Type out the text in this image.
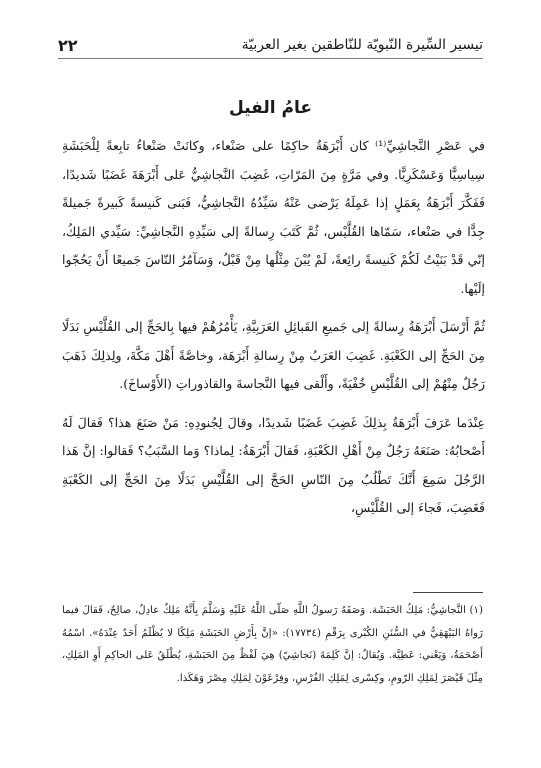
تيسير السِّيرة النّبويّة للنّاطقين بغير العربيّة
٢٢
عامُ الفيل

في عَصْرِ النَّجاشِيِّ⁽¹⁾ كان أَبْرَهَةُ حاكِمًا على صَنْعاء، وكانَتْ صَنْعاءُ تابِعةً لِلْحَبَشَةِ سِياسِيًّا وَعَسْكَرِيًّا. وفي مَرَّةٍ مِنَ المَرّاتِ، غَضِبَ النَّجاشِيُّ عَلى أَبْرَهَةَ غَضَبًا شَديدًا، فَفَكَّرَ أَبْرَهَةُ بِعَمَلٍ إذا عَمِلَهُ يَرْضى عَنْهُ سَيِّدُهُ النَّجاشِيُّ، فَبَنى كَنيسةً كَبيرةً جَميلةً جِدًّا في صَنْعاء، سَمّاها القُلَّيْس، ثُمَّ كَتَبَ رِسالةً إلى سَيِّدِهِ النَّجاشِيِّ: سَيِّدي المَلِكُ، إنّي قَدْ بَنَيْتُ لَكُمْ كَنيسةً رائِعةً، لَمْ يُبْنَ مِثْلُها مِنْ قَبْلُ، وَسَآمُرُ النّاسَ جَميعًا أَنْ يَحُجّوا إلَيْها.

ثُمَّ أَرْسَلَ أَبْرَهَةُ رِسالةً إلى جَميعِ القَبائِلِ العَرَبِيَّةِ، يَأْمُرُهُمْ فيها بِالحَجِّ إلى القُلَّيْسِ بَدَلًا مِنَ الحَجِّ إلى الكَعْبَةِ. غَضِبَ العَرَبُ مِنْ رِسالةِ أَبْرَهَة، وخاصَّةً أَهْلَ مَكَّةَ، ولِذلِكَ ذَهَبَ رَجُلٌ مِنْهُمْ إلى القُلَّيْسِ خُفْيَةً، وأَلْقى فيها النَّجاسةَ والقاذوراتِ (الأَوْساخَ).

عِنْدَما عَرَفَ أَبْرَهَةُ بِذلِكَ غَضِبَ غَضَبًا شَديدًا، وقالَ لِجُنودِهِ: مَنْ صَنَعَ هذا؟ فَقالَ لَهُ أَصْحابُهُ: صَنَعَهُ رَجُلٌ مِنْ أَهْلِ الكَعْبَةِ، فَقالَ أَبْرَهَةُ: لِماذا؟ وَما السَّبَبُ؟ فَقالوا: إنَّ هَذا الرَّجُلَ سَمِعَ أَنَّكَ تَطْلُبُ مِنَ النّاسِ الحَجَّ إلى القُلَّيْسِ بَدَلًا مِنَ الحَجِّ إلى الكَعْبَةِ فَغَضِبَ، فَجاءَ إلى القُلَّيْسِ،

(١) النَّجاشِيُّ: مَلِكُ الحَبَشَة. وَصَفَهُ رَسولُ اللَّهِ صَلّى اللَّهُ عَلَيْهِ وَسَلَّمَ بِأَنَّهُ مَلِكٌ عادِلٌ، صالِحٌ، فَقالَ فيما رَواهُ البَيْهَقِيُّ في السُّنَنِ الكُبْرى بِرَقْمِ (١٧٧٣٤): «إنَّ بِأَرْضِ الحَبَشَةِ مَلِكًا لا يُظْلَمُ أَحَدٌ عِنْدَهُ». اسْمُهُ أَصْحَمَةُ، وَيَعْني: عَطِيَّة. وَيُقالُ: إنَّ كَلِمَةَ (نَجاشِيّ) هِيَ لَفْظٌ مِنَ الحَبَشَةِ، يُطْلَقُ عَلى الحاكِمِ أَوِ المَلِكِ، مِثْلَ قَيْصَرَ لِمَلِكِ الرّومِ، وكِسْرى لِمَلِكِ الفُرْسِ، وفِرْعَوْنَ لِمَلِكِ مِصْرَ وَهَكَذا.
